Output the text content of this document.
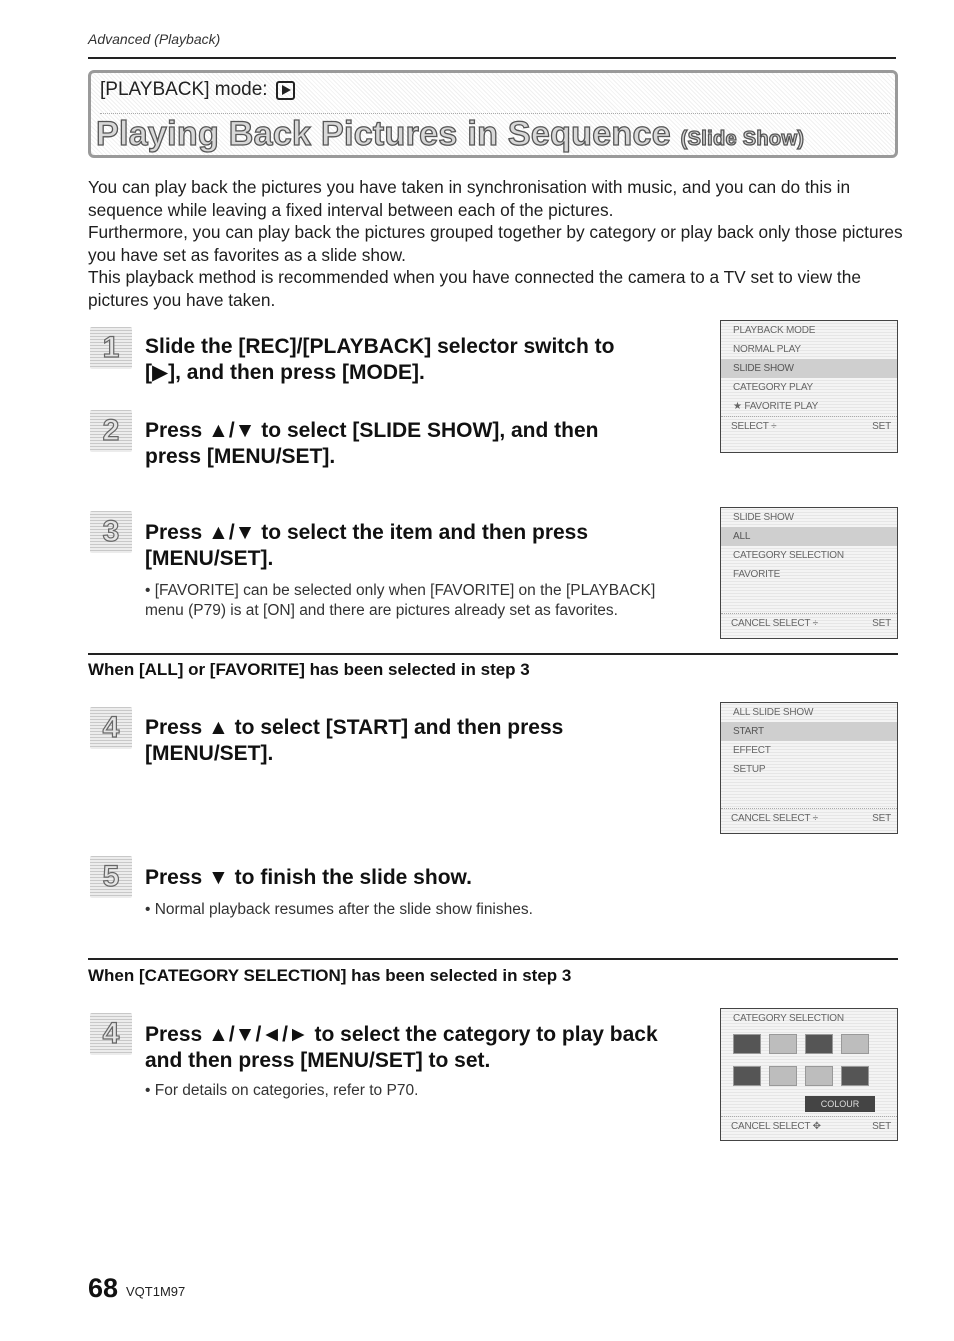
Advanced (Playback)
[PLAYBACK] mode:
Playing Back Pictures in Sequence (Slide Show)

You can play back the pictures you have taken in synchronisation with music, and you can do this in sequence while leaving a fixed interval between each of the pictures.

Furthermore, you can play back the pictures grouped together by category or play back only those pictures you have set as favorites as a slide show.

This playback method is recommended when you have connected the camera to a TV set to view the pictures you have taken.

1	Slide the [REC]/[PLAYBACK] selector switch to
[▶], and then press [MODE].
2	Press ▲/▼ to select [SLIDE SHOW], and then
press [MENU/SET].
PLAYBACK MODE
NORMAL PLAY
SLIDE SHOW
CATEGORY PLAY
★ FAVORITE PLAY
SELECT ÷	SET
3	Press ▲/▼ to select the item and then press
[MENU/SET].
• [FAVORITE] can be selected only when [FAVORITE] on the [PLAYBACK] menu (P79) is at [ON] and there are pictures already set as favorites.
SLIDE SHOW
ALL
CATEGORY SELECTION
FAVORITE
CANCEL SELECT ÷	SET
When [ALL] or [FAVORITE] has been selected in step 3
4	Press ▲ to select [START] and then press
[MENU/SET].
ALL SLIDE SHOW
START
EFFECT
SETUP
CANCEL SELECT ÷	SET
5	Press ▼ to finish the slide show.
• Normal playback resumes after the slide show finishes.
When [CATEGORY SELECTION] has been selected in step 3
4	Press ▲/▼/◄/► to select the category to play back
and then press [MENU/SET] to set.
• For details on categories, refer to P70.
CATEGORY SELECTION
COLOUR
CANCEL SELECT ✥	SET
68 VQT1M97
